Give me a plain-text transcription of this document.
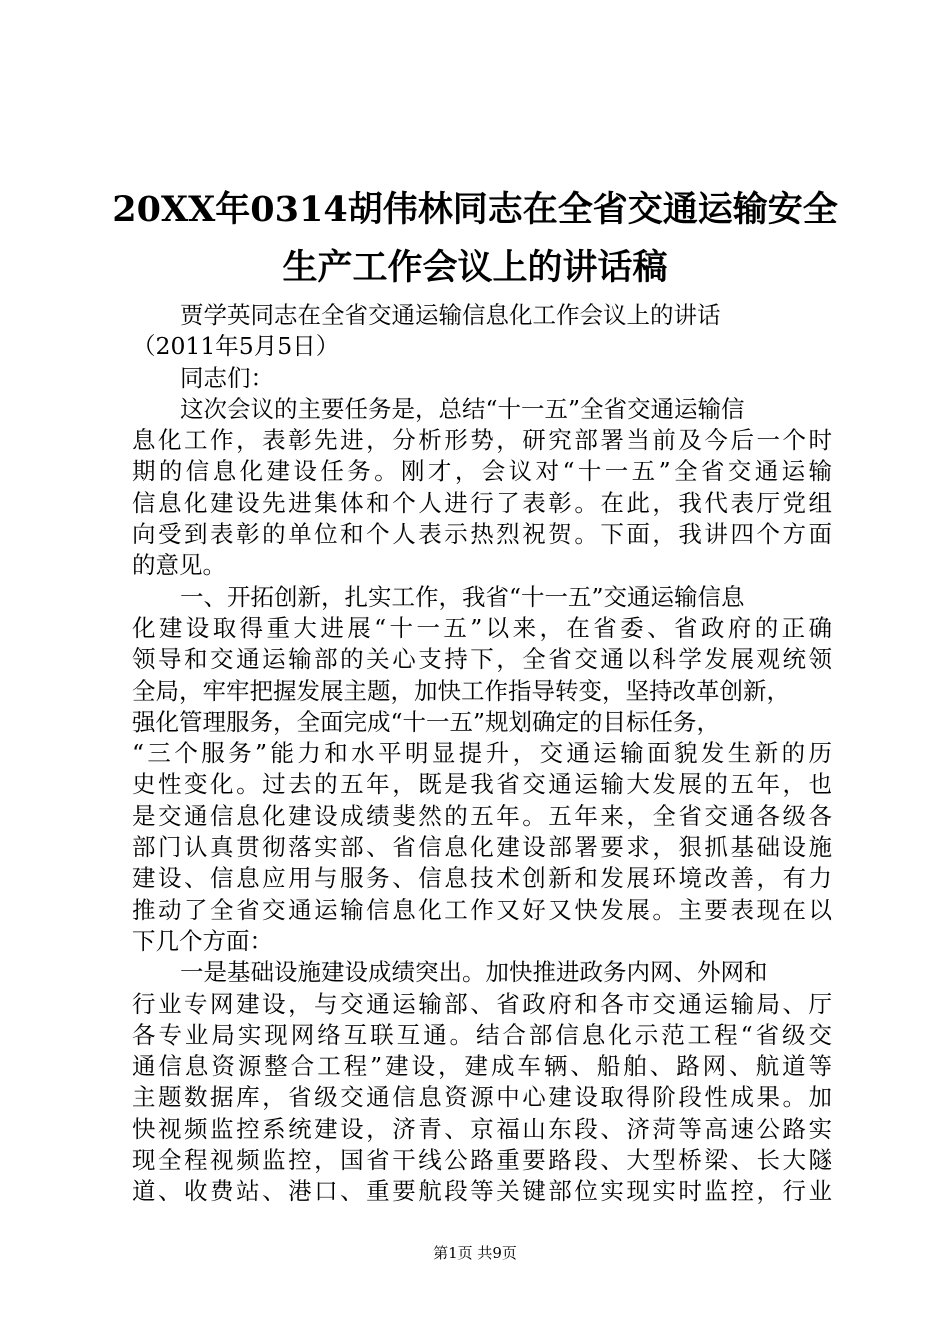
20XX年0314胡伟林同志在全省交通运输安全
生产工作会议上的讲话稿
贾学英同志在全省交通运输信息化工作会议上的讲话
（2011年5月5日）
同志们：
这次会议的主要任务是，总结“十一五”全省交通运输信
息化工作，表彰先进，分析形势，研究部署当前及今后一个时
期的信息化建设任务。刚才，会议对“十一五”全省交通运输
信息化建设先进集体和个人进行了表彰。在此，我代表厅党组
向受到表彰的单位和个人表示热烈祝贺。下面，我讲四个方面
的意见。
一、开拓创新，扎实工作，我省“十一五”交通运输信息
化建设取得重大进展“十一五”以来，在省委、省政府的正确
领导和交通运输部的关心支持下，全省交通以科学发展观统领
全局，牢牢把握发展主题，加快工作指导转变，坚持改革创新，
强化管理服务，全面完成“十一五”规划确定的目标任务，
“三个服务”能力和水平明显提升，交通运输面貌发生新的历
史性变化。过去的五年，既是我省交通运输大发展的五年，也
是交通信息化建设成绩斐然的五年。五年来，全省交通各级各
部门认真贯彻落实部、省信息化建设部署要求，狠抓基础设施
建设、信息应用与服务、信息技术创新和发展环境改善，有力
推动了全省交通运输信息化工作又好又快发展。主要表现在以
下几个方面：
一是基础设施建设成绩突出。加快推进政务内网、外网和
行业专网建设，与交通运输部、省政府和各市交通运输局、厅
各专业局实现网络互联互通。结合部信息化示范工程“省级交
通信息资源整合工程”建设，建成车辆、船舶、路网、航道等
主题数据库，省级交通信息资源中心建设取得阶段性成果。加
快视频监控系统建设，济青、京福山东段、济菏等高速公路实
现全程视频监控，国省干线公路重要路段、大型桥梁、长大隧
道、收费站、港口、重要航段等关键部位实现实时监控，行业
第1页 共9页
